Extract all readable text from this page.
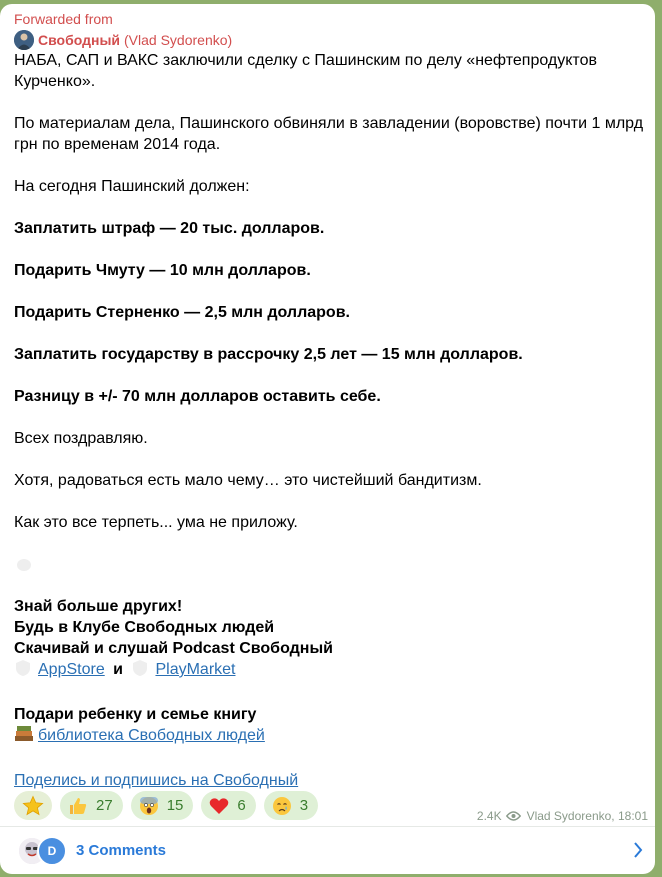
Forwarded from
Свободный (Vlad Sydorenko)

НАБА, САП и ВАКС заключили сделку с Пашинским по делу «нефтепродуктов Курченко».

По материалам дела, Пашинского обвиняли в завладении (воровстве) почти 1 млрд грн по временам 2014 года.

На сегодня Пашинский должен:

Заплатить штраф — 20 тыс. долларов.

Подарить Чмуту — 10 млн долларов.

Подарить Стерненко — 2,5 млн долларов.

Заплатить государству в рассрочку 2,5 лет — 15 млн долларов.

Разницу в +/- 70 млн долларов оставить себе.

Всех поздравляю.

Хотя, радоваться есть мало чему… это чистейший бандитизм.

Как это все терпеть... ума не приложу.

Знай больше других!

Будь в Клубе Свободных людей

Скачивай и слушай Podcast Свободный

AppStore и PlayMarket

Подари ребенку и семье книгу

библиотека Свободных людей

Поделись и подпишись на Свободный

27	15	6	3
2.4K Vlad Sydorenko, 18:01
D	3 Comments
